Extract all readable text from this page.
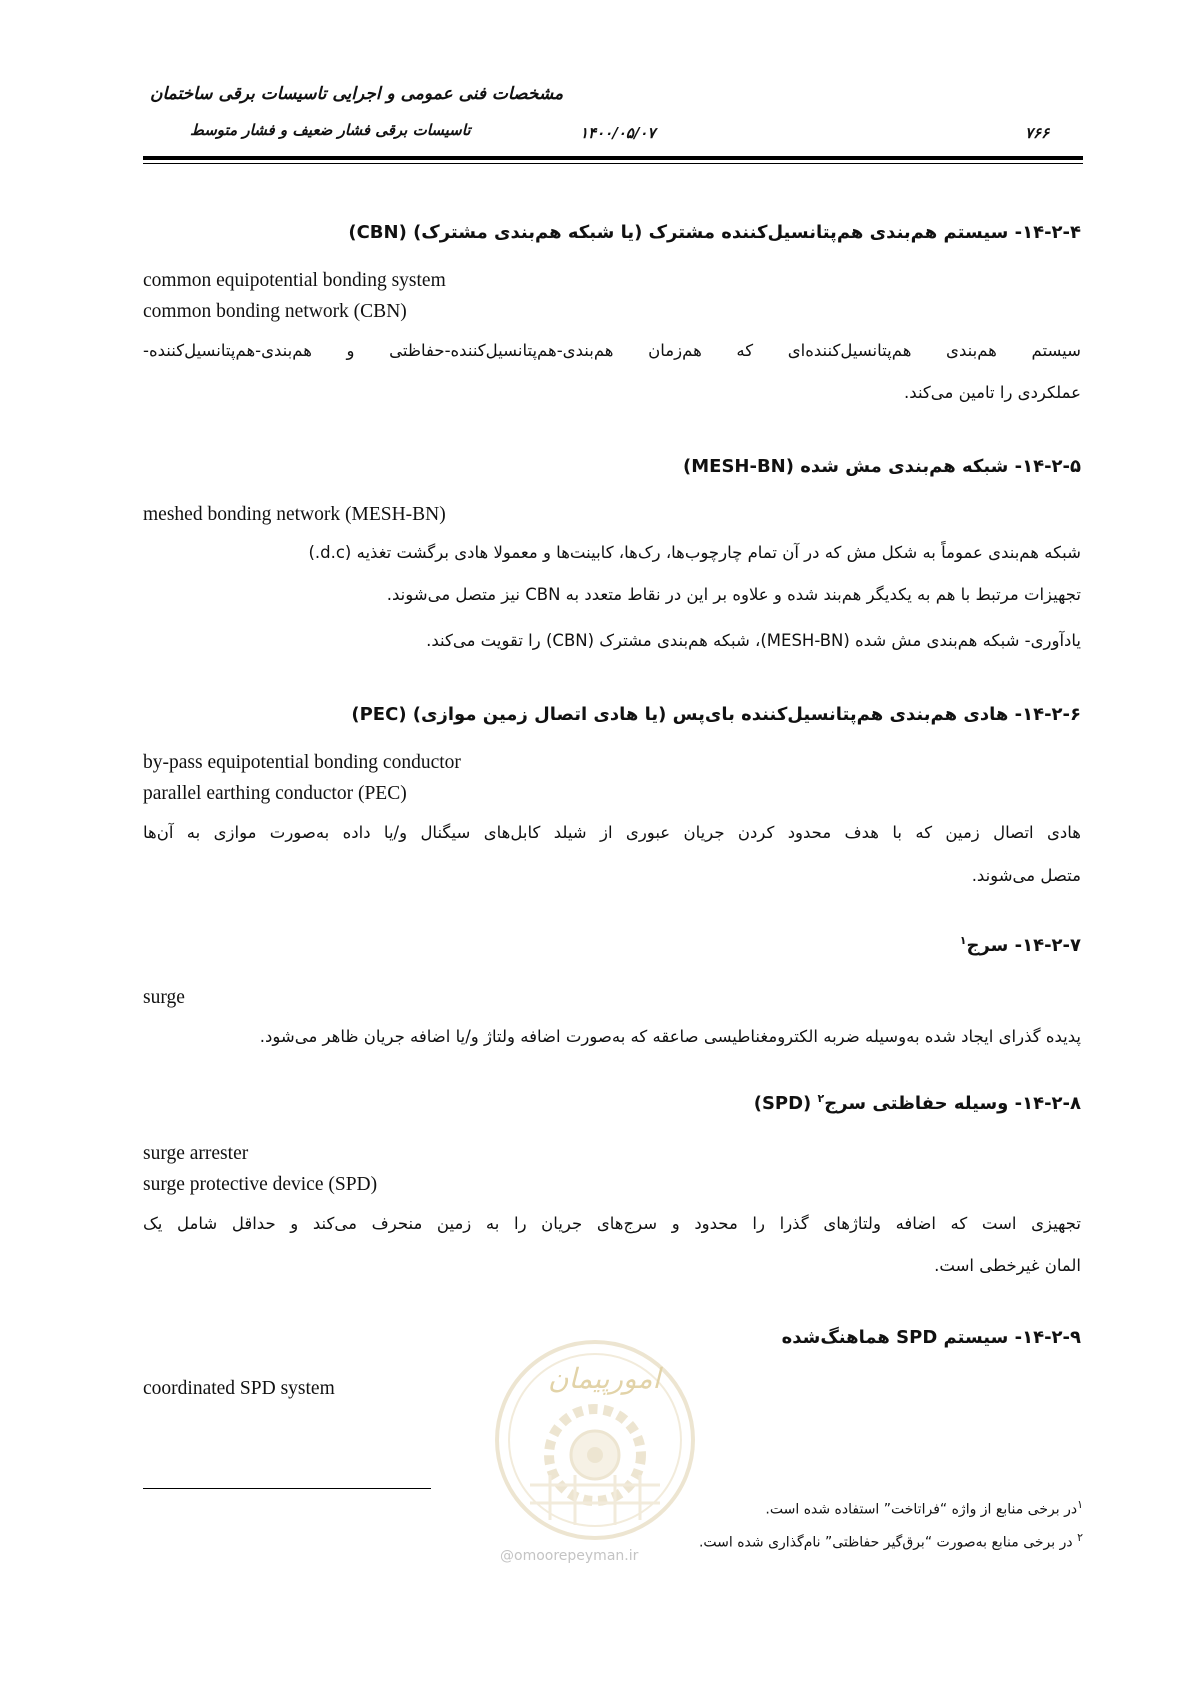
مشخصات فنی عمومی و اجرایی تاسیسات برقی ساختمان
تاسیسات برقی فشار ضعیف و فشار متوسط	۱۴۰۰/۰۵/۰۷	۷۶۶
۱۴-۲-۴- سیستم هم‌بندی هم‌پتانسیل‌کننده مشترک (یا شبکه هم‌بندی مشترک) (CBN)
common equipotential bonding system
common bonding network (CBN)
سیستم هم‌بندی هم‌پتانسیل‌کننده‌ای که هم‌زمان هم‌بندی-هم‌پتانسیل‌کننده-حفاظتی و هم‌بندی-هم‌پتانسیل‌کننده-
عملکردی را تامین می‌کند.
۱۴-۲-۵- شبکه هم‌بندی مش شده (MESH-BN)
meshed bonding network (MESH-BN)
شبکه هم‌بندی عموماً به شکل مش که در آن تمام چارچوب‌ها، رک‌ها، کابینت‌ها و معمولا هادی برگشت تغذیه (d.c.)
تجهیزات مرتبط با هم به یکدیگر هم‌بند شده و علاوه بر این در نقاط متعدد به CBN نیز متصل می‌شوند.
یادآوری- شبکه هم‌بندی مش شده (MESH-BN)، شبکه هم‌بندی مشترک (CBN) را تقویت می‌کند.
۱۴-۲-۶- هادی هم‌بندی هم‌پتانسیل‌کننده بای‌پس (یا هادی اتصال زمین موازی) (PEC)
by-pass equipotential bonding conductor
parallel earthing conductor (PEC)
هادی اتصال زمین که با هدف محدود کردن جریان عبوری از شیلد کابل‌های سیگنال و/یا داده به‌صورت موازی به آن‌ها
متصل می‌شوند.
۱۴-۲-۷- سرج$^۱$
surge
پدیده گذرای ایجاد شده به‌وسیله ضربه الکترومغناطیسی صاعقه که به‌صورت اضافه ولتاژ و/یا اضافه جریان ظاهر می‌شود.
۱۴-۲-۸- وسیله حفاظتی سرج$^۲$ (SPD)
surge arrester
surge protective device (SPD)
تجهیزی است که اضافه ولتاژهای گذرا را محدود و سرج‌های جریان را به زمین منحرف می‌کند و حداقل شامل یک
المان غیرخطی است.
۱۴-۲-۹- سیستم SPD هماهنگ‌شده
coordinated SPD system	امورپیمان
@omoorepeyman.ir
$^۱$در برخی منابع از واژه “فراتاخت” استفاده شده است.
$^۲$ در برخی منابع به‌صورت “برق‌گیر حفاظتی” نام‌گذاری شده است.
